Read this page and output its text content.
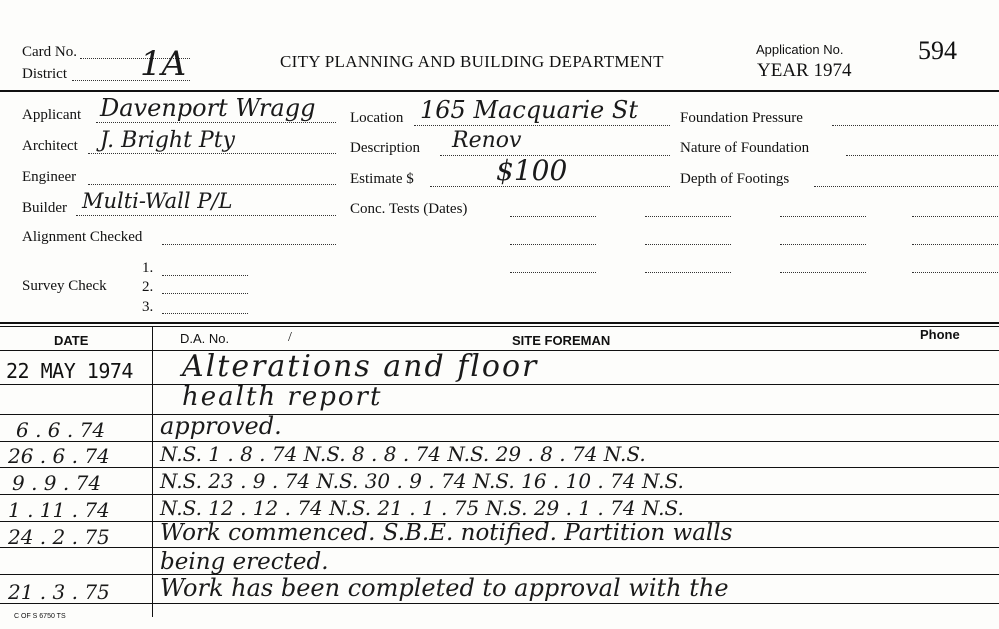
Card No. 1A
District
CITY PLANNING AND BUILDING DEPARTMENT
Application No.
YEAR 1974
594
Applicant Davenport Wragg
Architect J. Bright Pty
Engineer
Builder Multi-Wall P/L
Alignment Checked
Survey Check
1.
2.
3.
Location 165 Macquarie St
Description Renov
Estimate $	$100
Conc. Tests (Dates)
Foundation Pressure
Nature of Foundation
Depth of Footings
DATE	D.A. No.	/	SITE FOREMAN	Phone
22 MAY 1974 Alterations and floor
health report
6 . 6 . 74 approved.
26 . 6 . 74	N.S. 1 . 8 . 74 N.S. 8 . 8 . 74 N.S. 29 . 8 . 74 N.S.
9 . 9 . 74	N.S. 23 . 9 . 74 N.S. 30 . 9 . 74 N.S. 16 . 10 . 74 N.S.
1 . 11 . 74	N.S. 12 . 12 . 74 N.S. 21 . 1 . 75 N.S. 29 . 1 . 74 N.S.
24 . 2 . 75 Work commenced. S.B.E. notified. Partition walls
being erected.
21 . 3 . 75 Work has been completed to approval with the
C OF S 6750 TS
